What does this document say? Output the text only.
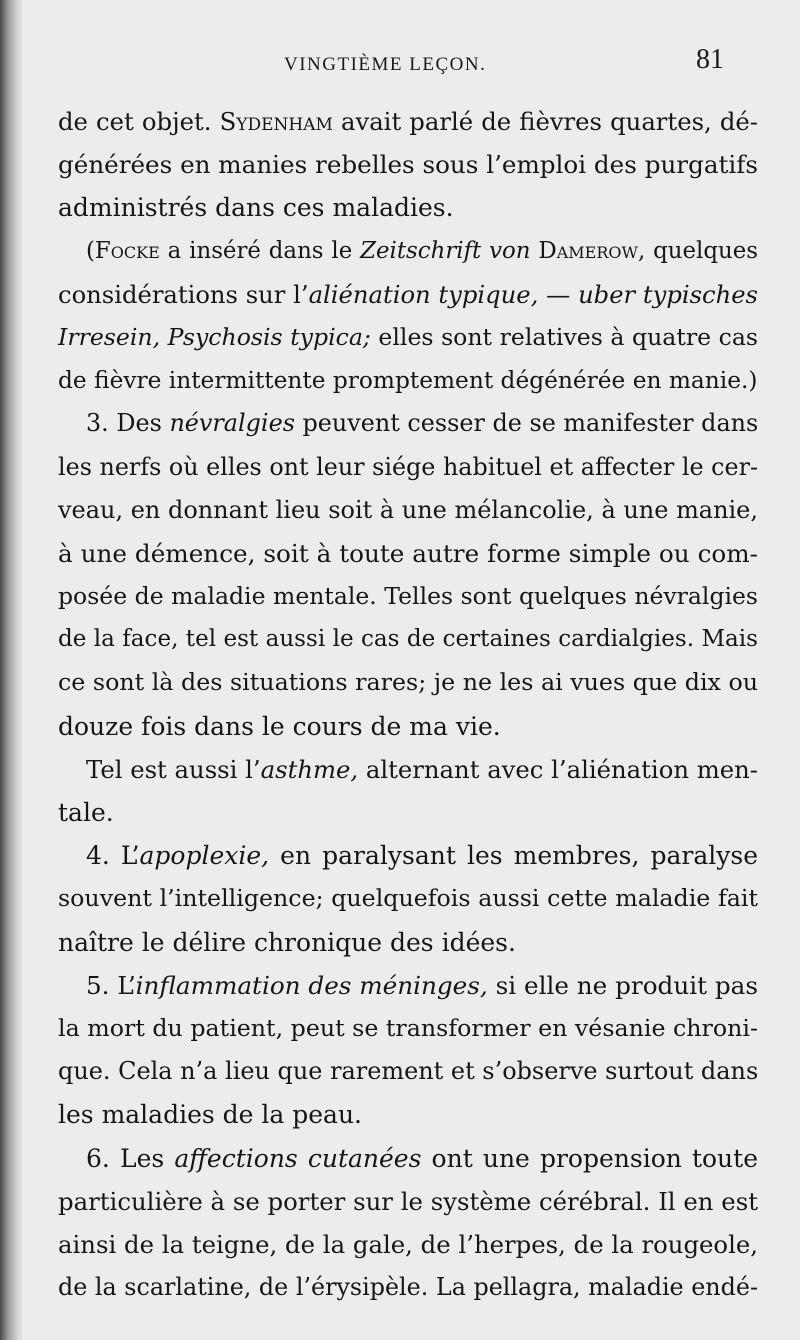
VINGTIÈME LEÇON.	81
de cet objet. Sydenham avait parlé de fièvres quartes, dé-
générées en manies rebelles sous l’emploi des purgatifs
administrés dans ces maladies.
(Focke a inséré dans le Zeitschrift von Damerow, quelques
considérations sur l’aliénation typique, — uber typisches
Irresein, Psychosis typica; elles sont relatives à quatre cas
de fièvre intermittente promptement dégénérée en manie.)
3. Des névralgies peuvent cesser de se manifester dans
les nerfs où elles ont leur siége habituel et affecter le cer-
veau, en donnant lieu soit à une mélancolie, à une manie,
à une démence, soit à toute autre forme simple ou com-
posée de maladie mentale. Telles sont quelques névralgies
de la face, tel est aussi le cas de certaines cardialgies. Mais
ce sont là des situations rares; je ne les ai vues que dix ou
douze fois dans le cours de ma vie.
Tel est aussi l’asthme, alternant avec l’aliénation men-
tale.
4. L’apoplexie, en paralysant les membres, paralyse
souvent l’intelligence; quelquefois aussi cette maladie fait
naître le délire chronique des idées.
5. L’inflammation des méninges, si elle ne produit pas
la mort du patient, peut se transformer en vésanie chroni-
que. Cela n’a lieu que rarement et s’observe surtout dans
les maladies de la peau.
6. Les affections cutanées ont une propension toute
particulière à se porter sur le système cérébral. Il en est
ainsi de la teigne, de la gale, de l’herpes, de la rougeole,
de la scarlatine, de l’érysipèle. La pellagra, maladie endé-
